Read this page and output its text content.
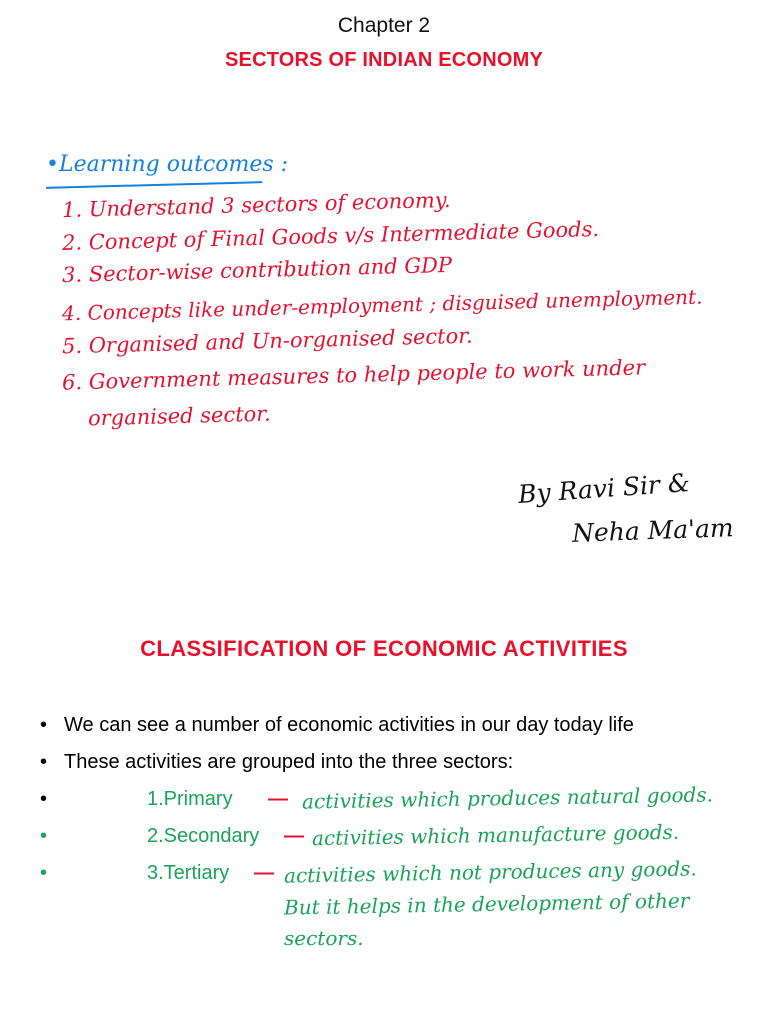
Chapter 2
SECTORS OF INDIAN ECONOMY
•Learning outcomes :
1. Understand 3 sectors of economy.
2. Concept of Final Goods v/s Intermediate Goods.
3. Sector-wise contribution and GDP
4. Concepts like under-employment ; disguised unemployment.
5. Organised and Un-organised sector.
6. Government measures to help people to work under
organised sector.
By Ravi Sir &
Neha Ma'am
CLASSIFICATION OF ECONOMIC ACTIVITIES
• We can see a number of economic activities in our day today life
• These activities are grouped into the three sectors:
•	1.Primary — activities which produces natural goods.
•	2.Secondary — activities which manufacture goods.
•	3.Tertiary — activities which not produces any goods.
But it helps in the development of other
sectors.
